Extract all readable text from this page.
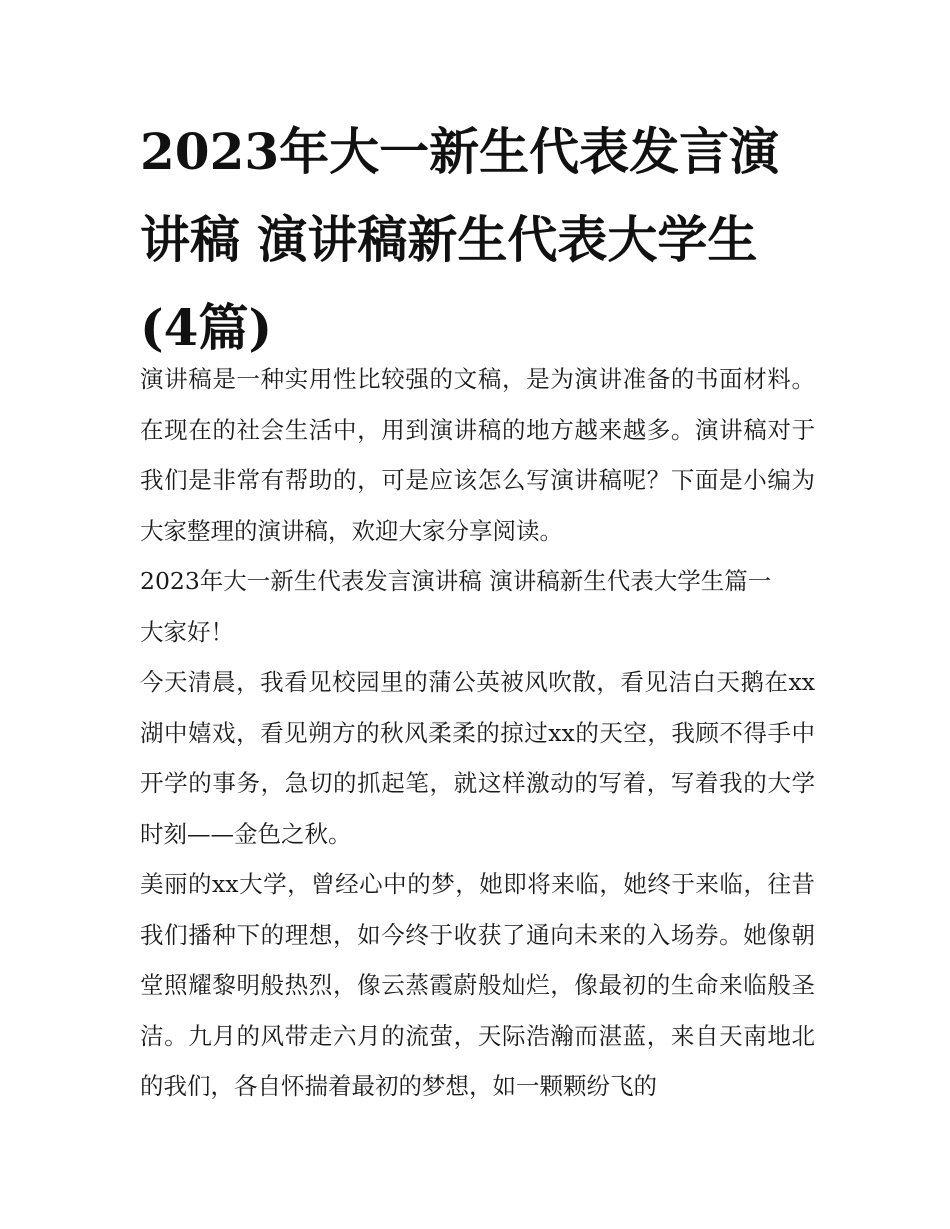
2023年大一新生代表发言演讲稿 演讲稿新生代表大学生(4篇)

演讲稿是一种实用性比较强的文稿，是为演讲准备的书面材料。在现在的社会生活中，用到演讲稿的地方越来越多。演讲稿对于我们是非常有帮助的，可是应该怎么写演讲稿呢？下面是小编为大家整理的演讲稿，欢迎大家分享阅读。

2023年大一新生代表发言演讲稿 演讲稿新生代表大学生篇一

大家好！

今天清晨，我看见校园里的蒲公英被风吹散，看见洁白天鹅在xx湖中嬉戏，看见朔方的秋风柔柔的掠过xx的天空，我顾不得手中开学的事务，急切的抓起笔，就这样激动的写着，写着我的大学时刻——金色之秋。

美丽的xx大学，曾经心中的梦，她即将来临，她终于来临，往昔我们播种下的理想，如今终于收获了通向未来的入场券。她像朝堂照耀黎明般热烈，像云蒸霞蔚般灿烂，像最初的生命来临般圣洁。九月的风带走六月的流萤，天际浩瀚而湛蓝，来自天南地北的我们，各自怀揣着最初的梦想，如一颗颗纷飞的
